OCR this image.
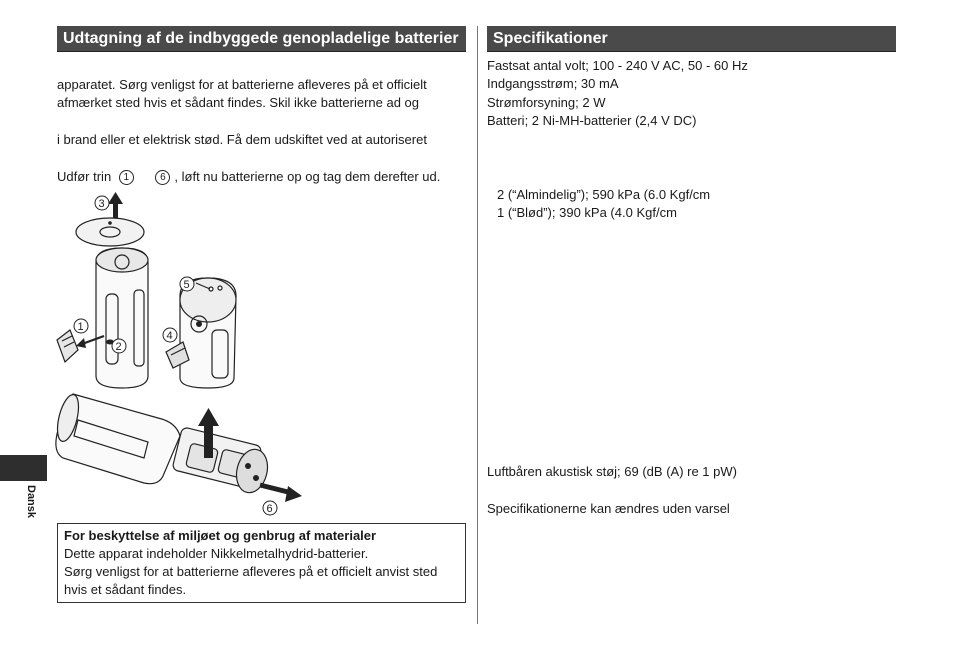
Udtagning af de indbyggede genopladelige batterier
apparatet. Sørg venligst for at batterierne afleveres på et officielt
afmærket sted hvis et sådant findes. Skil ikke batterierne ad og
i brand eller et elektrisk stød. Få dem udskiftet ved at autoriseret
Udfør trin 1	6 , løft nu batterierne op og tag dem derefter ud.
3
1
2
5
4
6
For beskyttelse af miljøet og genbrug af materialer
Dette apparat indeholder Nikkelmetalhydrid-batterier.
Sørg venligst for at batterierne afleveres på et officielt anvist sted
hvis et sådant findes.
Dansk
Specifikationer
Fastsat antal volt; 100 - 240 V AC, 50 - 60 Hz
Indgangsstrøm; 30 mA
Strømforsyning; 2 W
Batteri; 2 Ni-MH-batterier (2,4 V DC)
2 (“Almindelig”); 590 kPa (6.0 Kgf/cm
1 (“Blød”); 390 kPa (4.0 Kgf/cm
Luftbåren akustisk støj; 69 (dB (A) re 1 pW)
Specifikationerne kan ændres uden varsel
